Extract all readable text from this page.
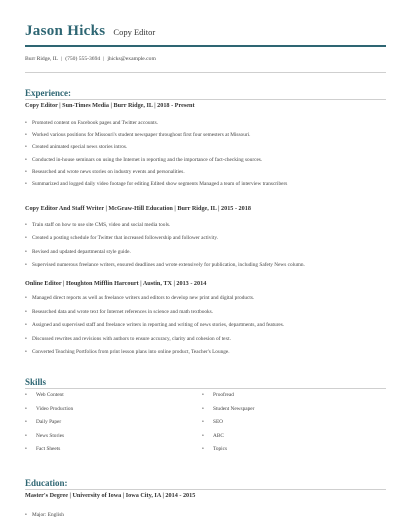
Jason Hicks Copy Editor
Burr Ridge, IL | (750) 555-3694 | jhicks@example.com
Experience:
Copy Editor | Sun-Times Media | Burr Ridge, IL | 2018 - Present
• Promoted content on Facebook pages and Twitter accounts.
• Worked various positions for Missouri's student newspaper throughout first four semesters at Missouri.
• Created animated special news stories intros.
• Conducted in-house seminars on using the Internet in reporting and the importance of fact-checking sources.
• Researched and wrote news stories on industry events and personalities.
• Summarized and logged daily video footage for editing Edited show segments Managed a team of interview transcribers
Copy Editor And Staff Writer | McGraw-Hill Education | Burr Ridge, IL | 2015 - 2018
• Train staff on how to use site CMS, video and social media tools.
• Created a posting schedule for Twitter that increased followership and follower activity.
• Revised and updated departmental style guide.
• Supervised numerous freelance writers, ensured deadlines and wrote extensively for publication, including Safety News column.
Online Editor | Houghton Mifflin Harcourt | Austin, TX | 2013 - 2014
• Managed direct reports as well as freelance writers and editors to develop new print and digital products.
• Researched data and wrote text for Internet references in science and math textbooks.
• Assigned and supervised staff and freelance writers in reporting and writing of news stories, departments, and features.
• Discussed rewrites and revisions with authors to ensure accuracy, clarity and cohesion of text.
• Converted Teaching Portfolios from print lesson plans into online product, Teacher's Lounge.
Skills
• Web Content
• Video Production
• Daily Paper
• News Stories
• Fact Sheets
• Proofread
• Student Newspaper
• SEO
• ABC
• Topics
Education:
Master's Degree | University of Iowa | Iowa City, IA | 2014 - 2015
• Major: English
